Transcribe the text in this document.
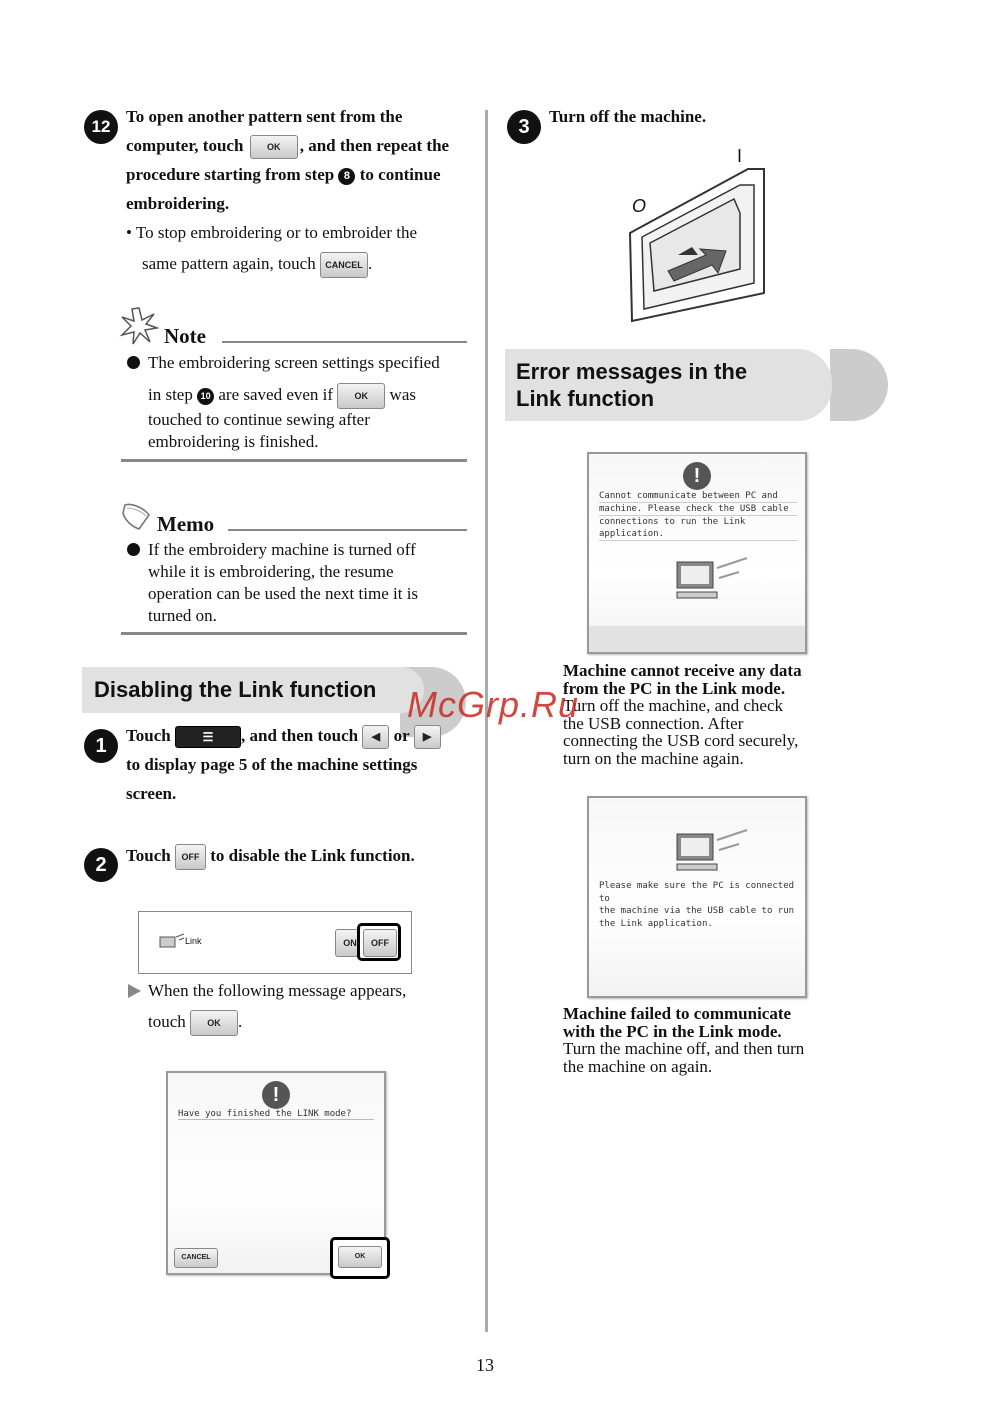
12
To open another pattern sent from the
computer, touch	OK , and then repeat the
procedure starting from step 8 to continue
embroidering.
• To stop embroidering or to embroider the
same pattern again, touch CANCEL .
Note
The embroidering screen settings specified
in step 10 are saved even if OK was
touched to continue sewing after
embroidering is finished.
Memo
If the embroidery machine is turned off
while it is embroidering, the resume
operation can be used the next time it is
turned on.
Disabling the Link function
1	Touch	☰ , and then touch ◀ or ▶
to display page 5 of the machine settings
screen.
2	Touch OFF to disable the Link function.
Link	ON	OFF
When the following message appears,
touch OK .
!
Have you finished the LINK mode?
CANCEL	OK
3	Turn off the machine.
I
O
Error messages in the
Link function
!
Cannot communicate between PC and
machine. Please check the USB cable
connections to run the Link application.
Machine cannot receive any data
from the PC in the Link mode.
Turn off the machine, and check
the USB connection. After
connecting the USB cord securely,
turn on the machine again.
Please make sure the PC is connected to
the machine via the USB cable to run
the Link application.
Machine failed to communicate
with the PC in the Link mode.
Turn the machine off, and then turn
the machine on again.
McGrp.Ru
13
